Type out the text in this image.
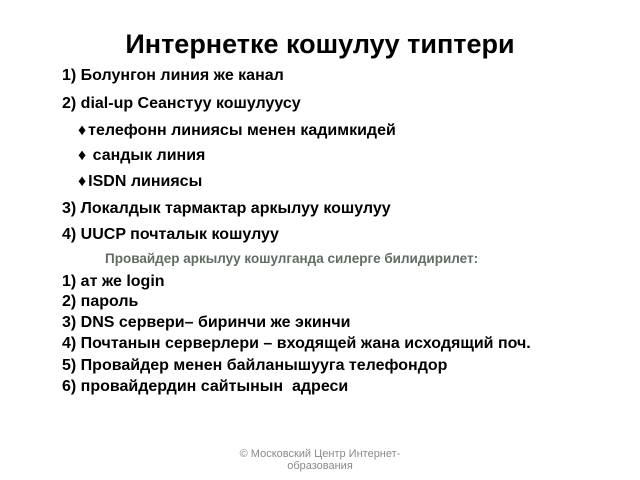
Интернетке кошулуу типтери
1) Болунгон линия же канал
2) dial-up Сеанстуу кошулуусу
♦ телефонн линиясы менен кадимкидей
♦ сандык линия
♦ ISDN линиясы
3) Локалдык тармактар аркылуу кошулуу
4) UUCP почталык кошулуу
Провайдер аркылуу кошулганда силерге билидирилет:
1) ат же login
2) пароль
3) DNS сервери– биринчи же экинчи
4) Почтанын серверлери – входящей жана исходящий поч.
5) Провайдер менен байланышууга телефондор
6) провайдердин сайтынын  адреси
© Московский Центр Интернет-
образования
